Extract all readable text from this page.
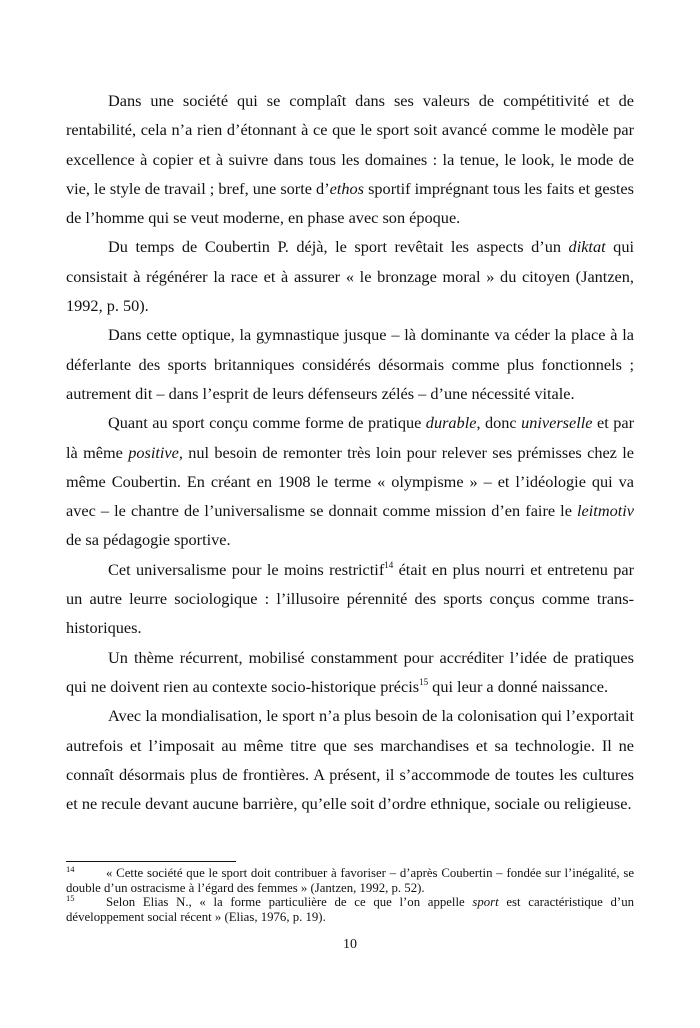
Dans une société qui se complaît dans ses valeurs de compétitivité et de rentabilité, cela n’a rien d’étonnant à ce que le sport soit avancé comme le modèle par excellence à copier et à suivre dans tous les domaines : la tenue, le look, le mode de vie, le style de travail ; bref, une sorte d’ethos sportif imprégnant tous les faits et gestes de l’homme qui se veut moderne, en phase avec son époque.

Du temps de Coubertin P. déjà, le sport revêtait les aspects d’un diktat qui consistait à régénérer la race et à assurer « le bronzage moral » du citoyen (Jantzen, 1992, p. 50).

Dans cette optique, la gymnastique jusque – là dominante va céder la place à la déferlante des sports britanniques considérés désormais comme plus fonctionnels ; autrement dit – dans l’esprit de leurs défenseurs zélés – d’une nécessité vitale.

Quant au sport conçu comme forme de pratique durable, donc universelle et par là même positive, nul besoin de remonter très loin pour relever ses prémisses chez le même Coubertin. En créant en 1908 le terme « olympisme » – et l’idéologie qui va avec – le chantre de l’universalisme se donnait comme mission d’en faire le leitmotiv de sa pédagogie sportive.

Cet universalisme pour le moins restrictif$^{14}$ était en plus nourri et entretenu par un autre leurre sociologique : l’illusoire pérennité des sports conçus comme trans-historiques.

Un thème récurrent, mobilisé constamment pour accréditer l’idée de pratiques qui ne doivent rien au contexte socio-historique précis$^{15}$ qui leur a donné naissance.

Avec la mondialisation, le sport n’a plus besoin de la colonisation qui l’exportait autrefois et l’imposait au même titre que ses marchandises et sa technologie. Il ne connaît désormais plus de frontières. A présent, il s’accommode de toutes les cultures et ne recule devant aucune barrière, qu’elle soit d’ordre ethnique, sociale ou religieuse.

14 « Cette société que le sport doit contribuer à favoriser – d’après Coubertin – fondée sur l’inégalité, se double d’un ostracisme à l’égard des femmes » (Jantzen, 1992, p. 52).

15 Selon Elias N., « la forme particulière de ce que l’on appelle sport est caractéristique d’un développement social récent » (Elias, 1976, p. 19).

10
